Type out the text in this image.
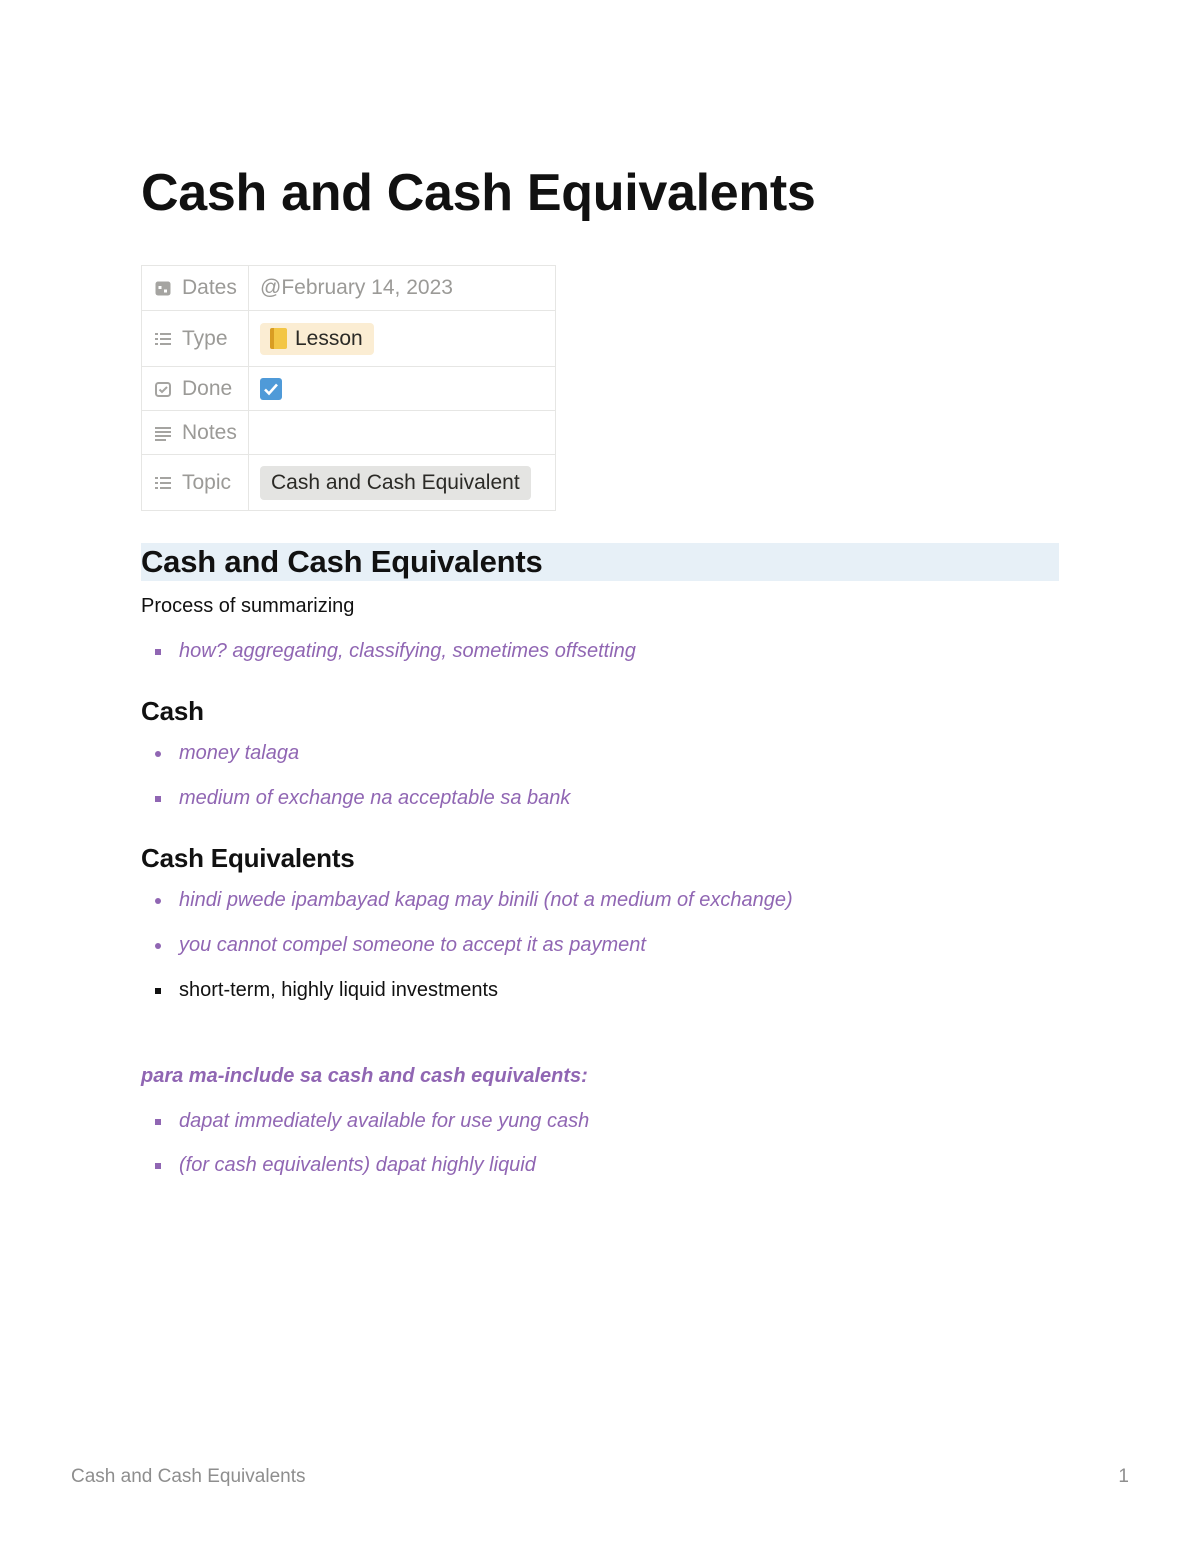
Cash and Cash Equivalents
Dates	@February 14, 2023

Type	Lesson

Done

Notes	

Topic	Cash and Cash Equivalent
Cash and Cash Equivalents

Process of summarizing

how? aggregating, classifying, sometimes offsetting
Cash
money talaga
medium of exchange na acceptable sa bank
Cash Equivalents
hindi pwede ipambayad kapag may binili (not a medium of exchange)
you cannot compel someone to accept it as payment
short-term, highly liquid investments

para ma-include sa cash and cash equivalents:

dapat immediately available for use yung cash
(for cash equivalents) dapat highly liquid
Cash and Cash Equivalents	1
